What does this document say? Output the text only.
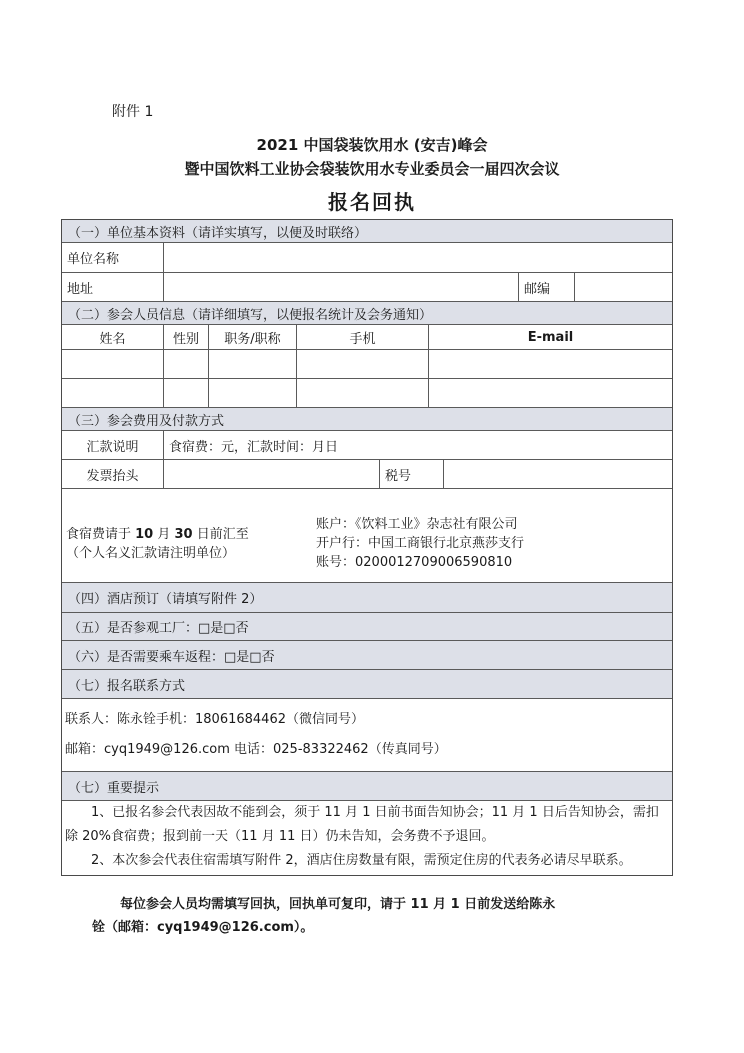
附件 1
2021 中国袋装饮用水 (安吉)峰会
暨中国饮料工业协会袋装饮用水专业委员会一届四次会议
报名回执
（一）单位基本资料（请详实填写，以便及时联络）
单位名称
地址	邮编
（二）参会人员信息（请详细填写，以便报名统计及会务通知）
姓名	性别	职务/职称	手机	E-mail
（三）参会费用及付款方式
汇款说明	食宿费：元，汇款时间：月日
发票抬头	税号
食宿费请于 10 月 30 日前汇至
（个人名义汇款请注明单位）
账户：《饮料工业》杂志社有限公司
开户行：中国工商银行北京燕莎支行
账号：0200012709006590810
（四）酒店预订（请填写附件 2）
（五）是否参观工厂：□是□否
（六）是否需要乘车返程：□是□否
（七）报名联系方式
联系人：陈永铨手机：18061684462（微信同号）
邮箱：cyq1949@126.com 电话：025-83322462（传真同号）
（七）重要提示

1、已报名参会代表因故不能到会，须于 11 月 1 日前书面告知协会；11 月 1 日后告知协会，需扣除 20%食宿费；报到前一天（11 月 11 日）仍未告知，会务费不予退回。

2、本次参会代表住宿需填写附件 2，酒店住房数量有限，需预定住房的代表务必请尽早联系。

每位参会人员均需填写回执，回执单可复印，请于 11 月 1 日前发送给陈永
铨（邮箱：cyq1949@126.com）。
